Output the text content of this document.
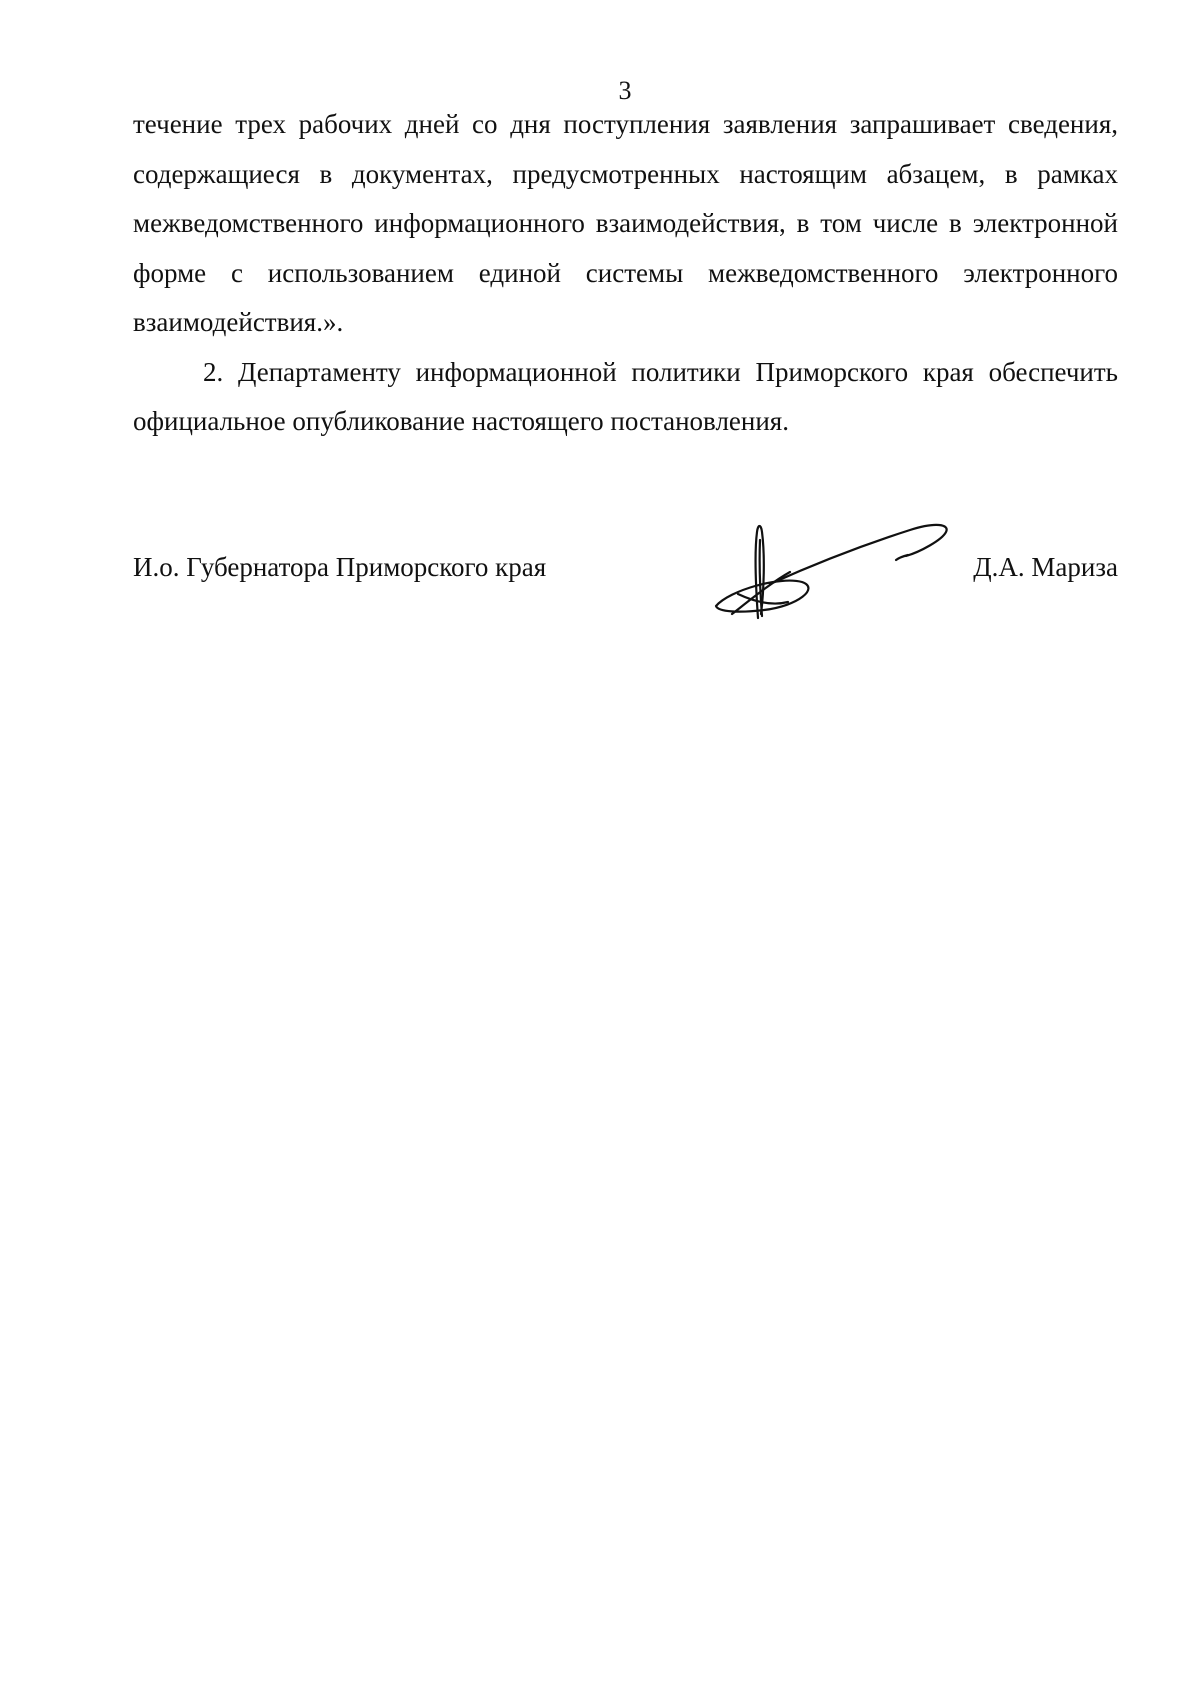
3

течение трех рабочих дней со дня поступления заявления запрашивает сведения, содержащиеся в документах, предусмотренных настоящим абзацем, в рамках межведомственного информационного взаимодействия, в том числе в электронной форме с использованием единой системы межведомственного электронного взаимодействия.».

2. Департаменту информационной политики Приморского края обеспечить официальное опубликование настоящего постановления.

И.о. Губернатора Приморского края	Д.А. Мариза
